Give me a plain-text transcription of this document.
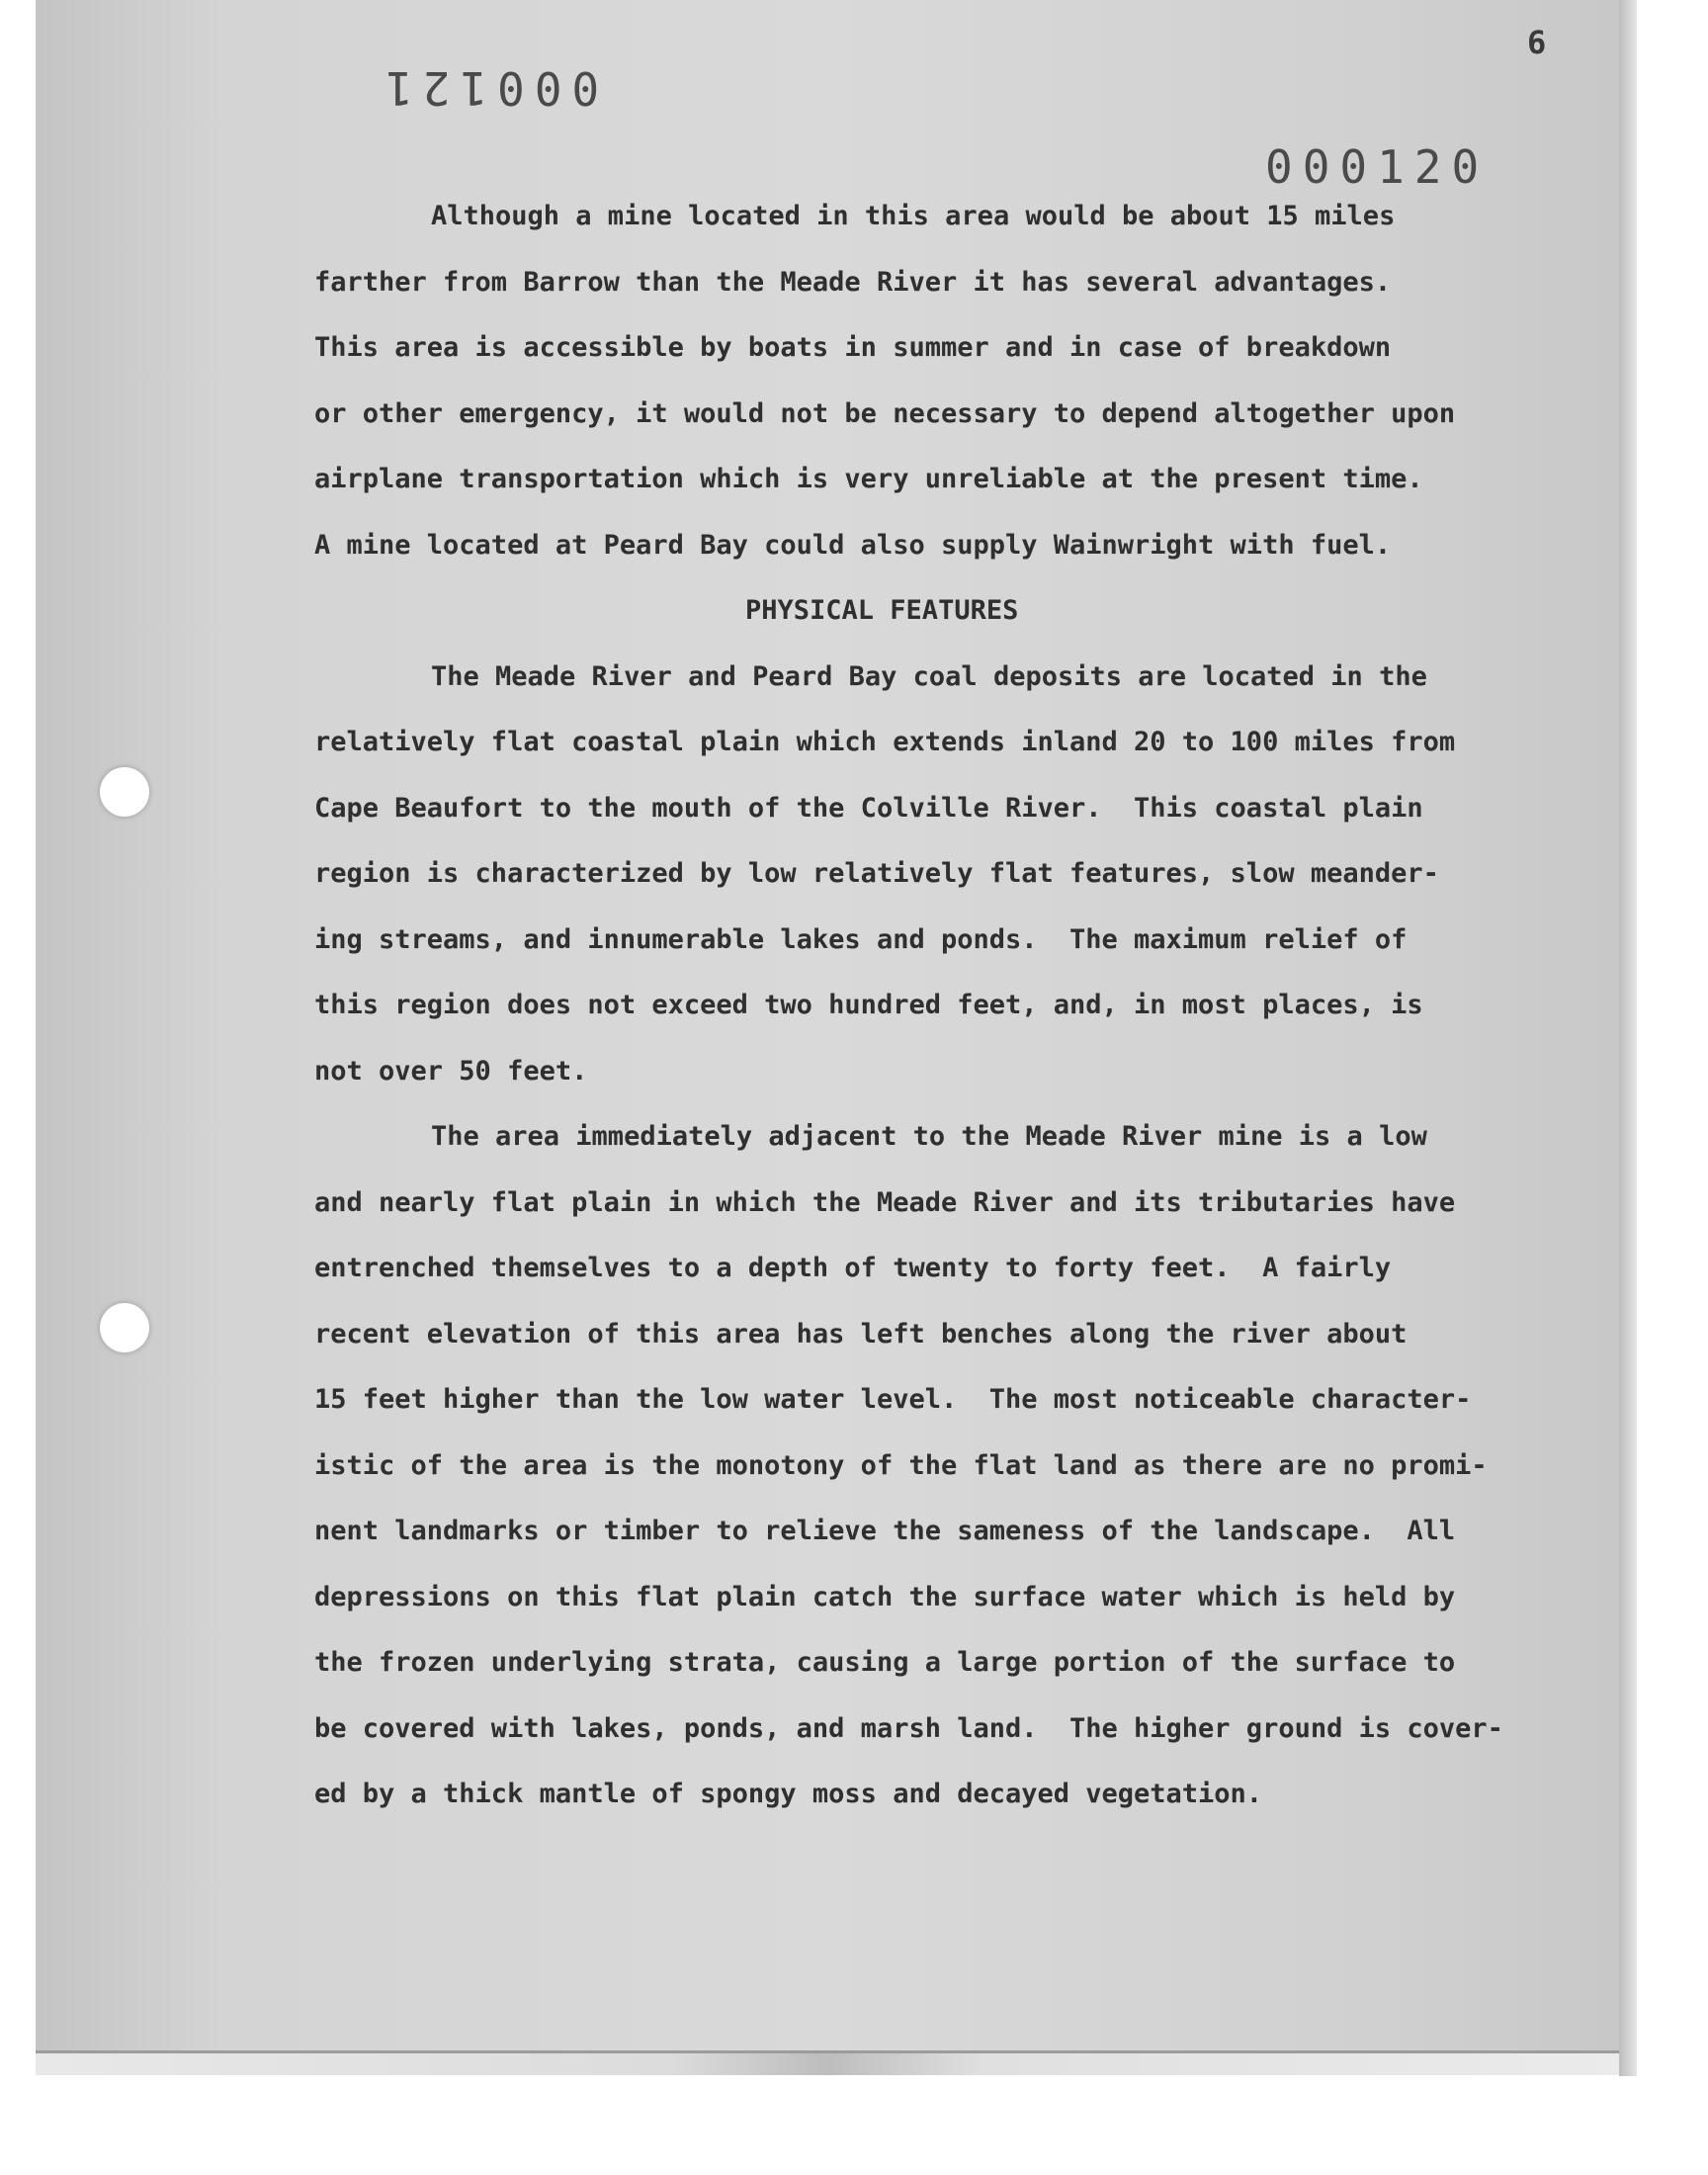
6
000121
000120
Although a mine located in this area would be about 15 miles
farther from Barrow than the Meade River it has several advantages.
This area is accessible by boats in summer and in case of breakdown
or other emergency, it would not be necessary to depend altogether upon
airplane transportation which is very unreliable at the present time.
A mine located at Peard Bay could also supply Wainwright with fuel.
PHYSICAL FEATURES
The Meade River and Peard Bay coal deposits are located in the
relatively flat coastal plain which extends inland 20 to 100 miles from
Cape Beaufort to the mouth of the Colville River.  This coastal plain
region is characterized by low relatively flat features, slow meander-
ing streams, and innumerable lakes and ponds.  The maximum relief of
this region does not exceed two hundred feet, and, in most places, is
not over 50 feet.
The area immediately adjacent to the Meade River mine is a low
and nearly flat plain in which the Meade River and its tributaries have
entrenched themselves to a depth of twenty to forty feet.  A fairly
recent elevation of this area has left benches along the river about
15 feet higher than the low water level.  The most noticeable character-
istic of the area is the monotony of the flat land as there are no promi-
nent landmarks or timber to relieve the sameness of the landscape.  All
depressions on this flat plain catch the surface water which is held by
the frozen underlying strata, causing a large portion of the surface to
be covered with lakes, ponds, and marsh land.  The higher ground is cover-
ed by a thick mantle of spongy moss and decayed vegetation.
